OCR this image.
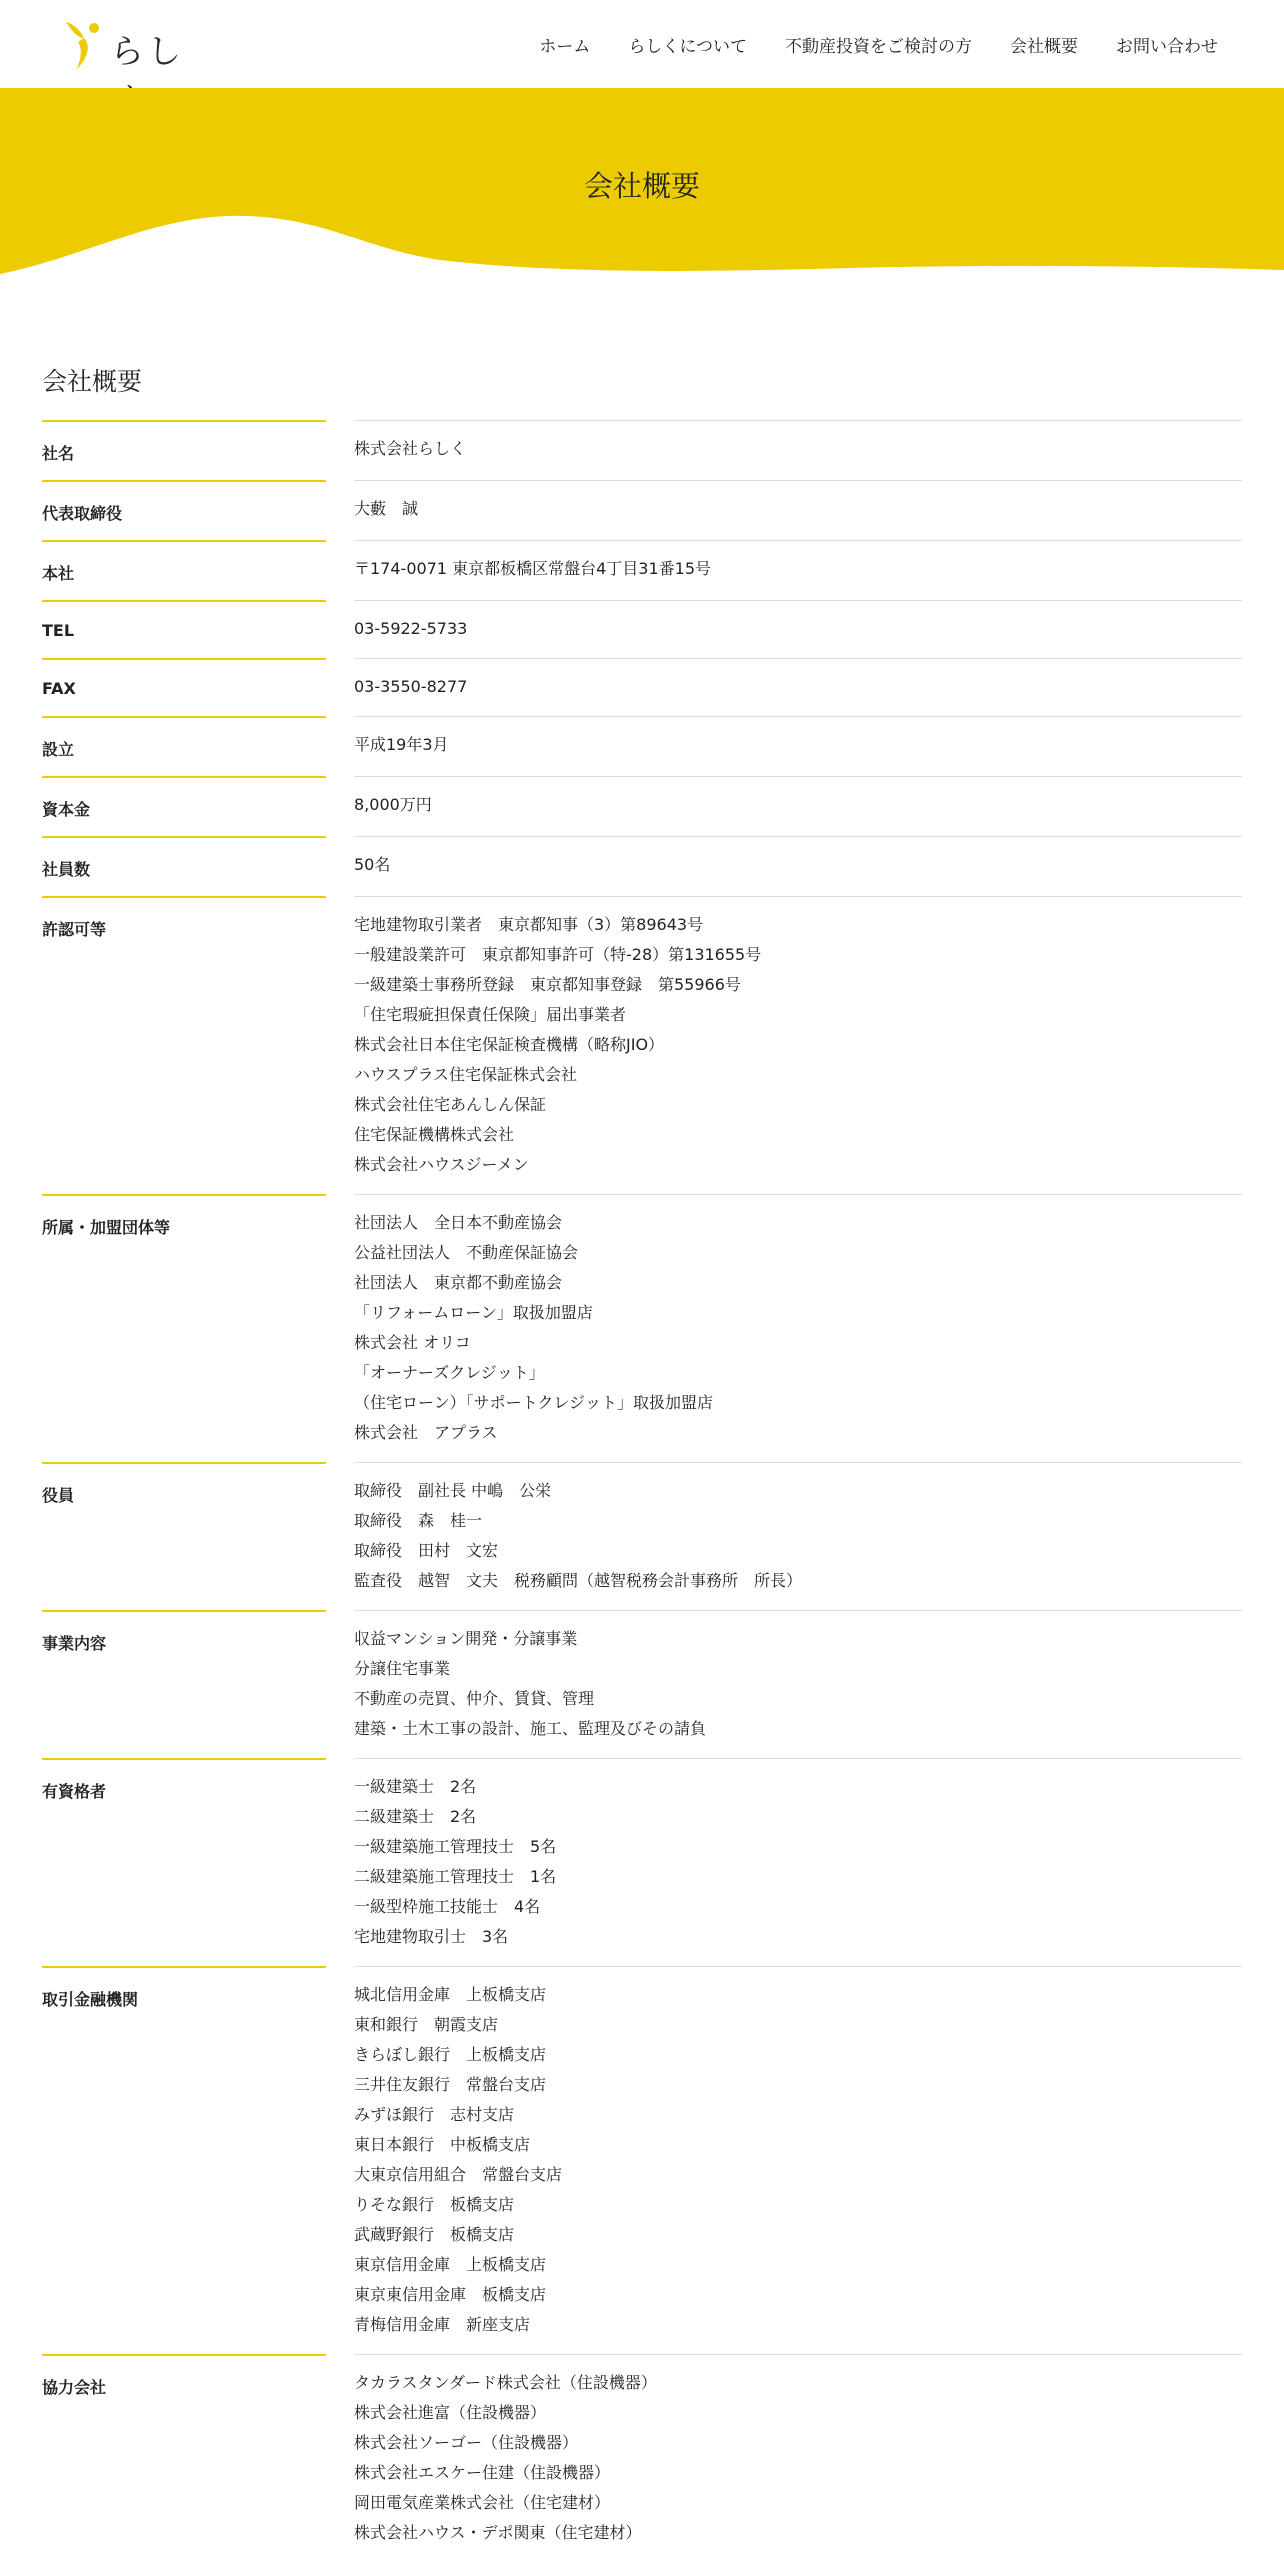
らし	ホーム らしくについて 不動産投資をご検討の方 会社概要 お問い合わせ
会社概要
会社概要
社名	株式会社らしく
代表取締役	大藪　誠
本社	〒174-0071 東京都板橋区常盤台4丁目31番15号
TEL	03-5922-5733
FAX	03-3550-8277
設立	平成19年3月
資本金	8,000万円
社員数	50名
許認可等	宅地建物取引業者　東京都知事（3）第89643号
一般建設業許可　東京都知事許可（特-28）第131655号
一級建築士事務所登録　東京都知事登録　第55966号
「住宅瑕疵担保責任保険」届出事業者
株式会社日本住宅保証検査機構（略称JIO）
ハウスプラス住宅保証株式会社
株式会社住宅あんしん保証
住宅保証機構株式会社
株式会社ハウスジーメン
所属・加盟団体等	社団法人　全日本不動産協会
公益社団法人　不動産保証協会
社団法人　東京都不動産協会
「リフォームローン」取扱加盟店
株式会社 オリコ
「オーナーズクレジット」
（住宅ローン）「サポートクレジット」取扱加盟店
株式会社　アプラス
役員	取締役　副社長 中嶋　公栄
取締役　森　桂一
取締役　田村　文宏
監査役　越智　文夫　税務顧問（越智税務会計事務所　所長）
事業内容	収益マンション開発・分譲事業
分譲住宅事業
不動産の売買、仲介、賃貸、管理
建築・土木工事の設計、施工、監理及びその請負
有資格者	一級建築士　2名
二級建築士　2名
一級建築施工管理技士　5名
二級建築施工管理技士　1名
一級型枠施工技能士　4名
宅地建物取引士　3名
取引金融機関	城北信用金庫　上板橋支店
東和銀行　朝霞支店
きらぼし銀行　上板橋支店
三井住友銀行　常盤台支店
みずほ銀行　志村支店
東日本銀行　中板橋支店
大東京信用組合　常盤台支店
りそな銀行　板橋支店
武蔵野銀行　板橋支店
東京信用金庫　上板橋支店
東京東信用金庫　板橋支店
青梅信用金庫　新座支店
協力会社	タカラスタンダード株式会社（住設機器）
株式会社進富（住設機器）
株式会社ソーゴー（住設機器）
株式会社エスケー住建（住設機器）
岡田電気産業株式会社（住宅建材）
株式会社ハウス・デポ関東（住宅建材）
